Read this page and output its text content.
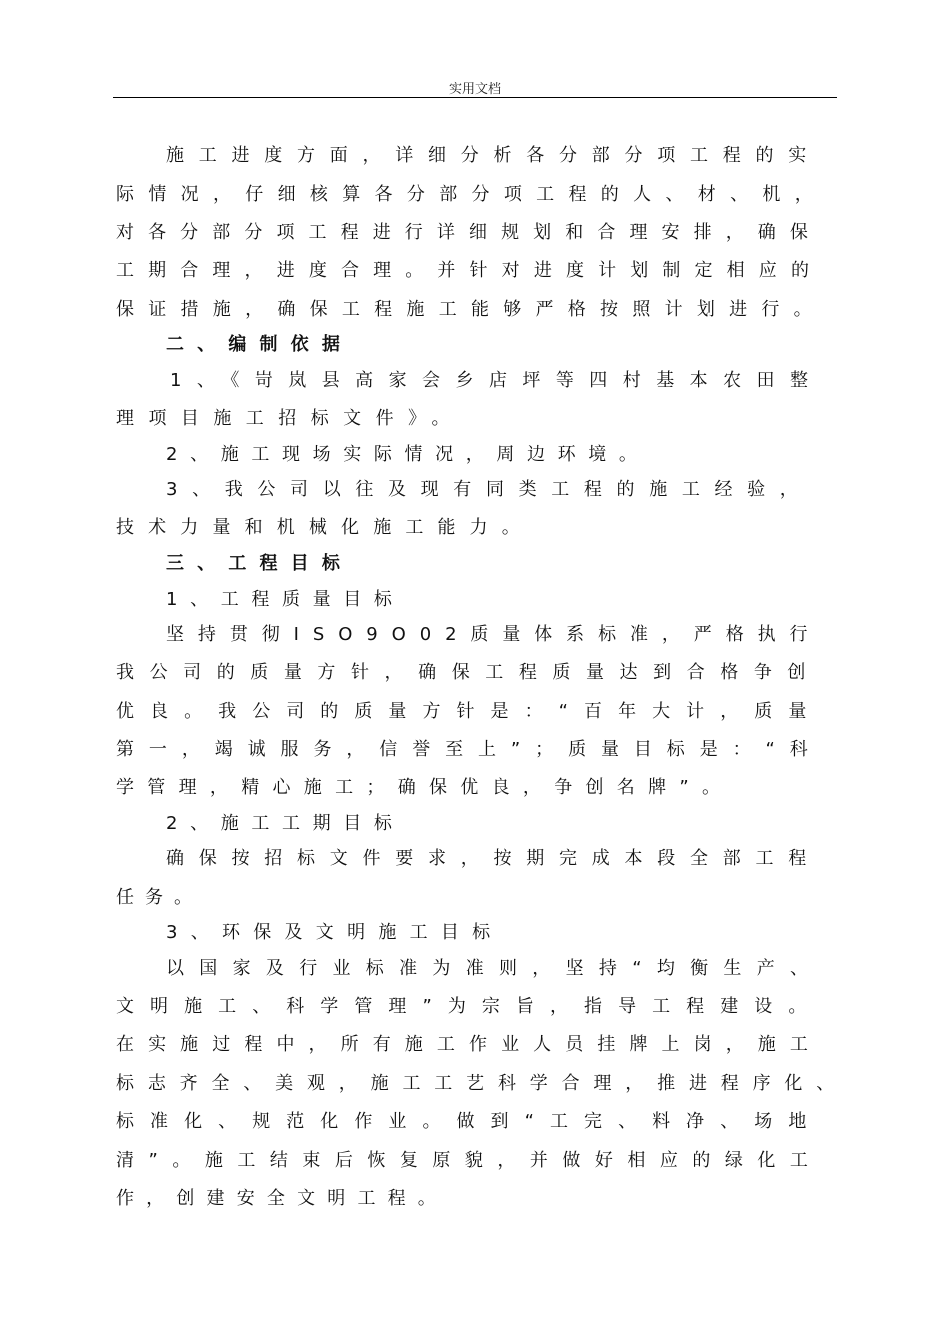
实用文档
施工进度方面，详细分析各分部分项工程的实
际情况，仔细核算各分部分项工程的人、材、机，
对各分部分项工程进行详细规划和合理安排，确保
工期合理，进度合理。并针对进度计划制定相应的
保证措施，确保工程施工能够严格按照计划进行。
二、编制依据
1、《岢岚县高家会乡店坪等四村基本农田整
理项目施工招标文件》。
2、施工现场实际情况，周边环境。
3、我公司以往及现有同类工程的施工经验，
技术力量和机械化施工能力。
三、工程目标
1、工程质量目标
坚持贯彻ISO9O02质量体系标准，严格执行
我公司的质量方针，确保工程质量达到合格争创
优良。我公司的质量方针是：“百年大计，质量
第一，竭诚服务，信誉至上”；质量目标是：“科
学管理，精心施工；确保优良，争创名牌”。
2、施工工期目标
确保按招标文件要求，按期完成本段全部工程
任务。
3、环保及文明施工目标
以国家及行业标准为准则，坚持“均衡生产、
文明施工、科学管理”为宗旨，指导工程建设。
在实施过程中，所有施工作业人员挂牌上岗，施工
标志齐全、美观，施工工艺科学合理，推进程序化、
标准化、规范化作业。做到“工完、料净、场地
清”。施工结束后恢复原貌，并做好相应的绿化工
作，创建安全文明工程。
